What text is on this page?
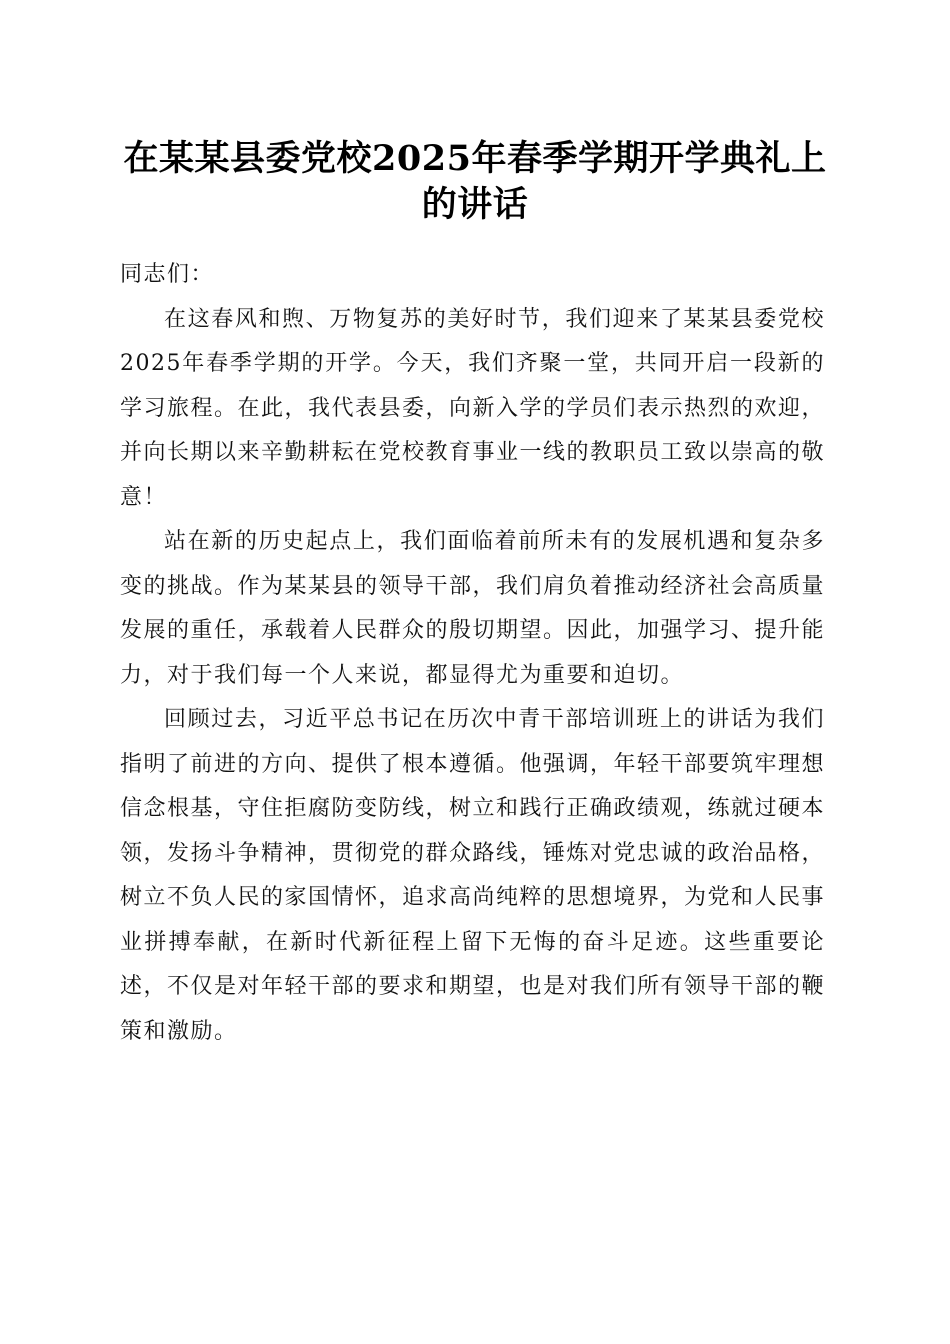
在某某县委党校2025年春季学期开学典礼上的讲话

同志们：

在这春风和煦、万物复苏的美好时节，我们迎来了某某县委党校2025年春季学期的开学。今天，我们齐聚一堂，共同开启一段新的学习旅程。在此，我代表县委，向新入学的学员们表示热烈的欢迎，并向长期以来辛勤耕耘在党校教育事业一线的教职员工致以崇高的敬意！

站在新的历史起点上，我们面临着前所未有的发展机遇和复杂多变的挑战。作为某某县的领导干部，我们肩负着推动经济社会高质量发展的重任，承载着人民群众的殷切期望。因此，加强学习、提升能力，对于我们每一个人来说，都显得尤为重要和迫切。

回顾过去，习近平总书记在历次中青干部培训班上的讲话为我们指明了前进的方向、提供了根本遵循。他强调，年轻干部要筑牢理想信念根基，守住拒腐防变防线，树立和践行正确政绩观，练就过硬本领，发扬斗争精神，贯彻党的群众路线，锤炼对党忠诚的政治品格，树立不负人民的家国情怀，追求高尚纯粹的思想境界，为党和人民事业拼搏奉献，在新时代新征程上留下无悔的奋斗足迹。这些重要论述，不仅是对年轻干部的要求和期望，也是对我们所有领导干部的鞭策和激励。
